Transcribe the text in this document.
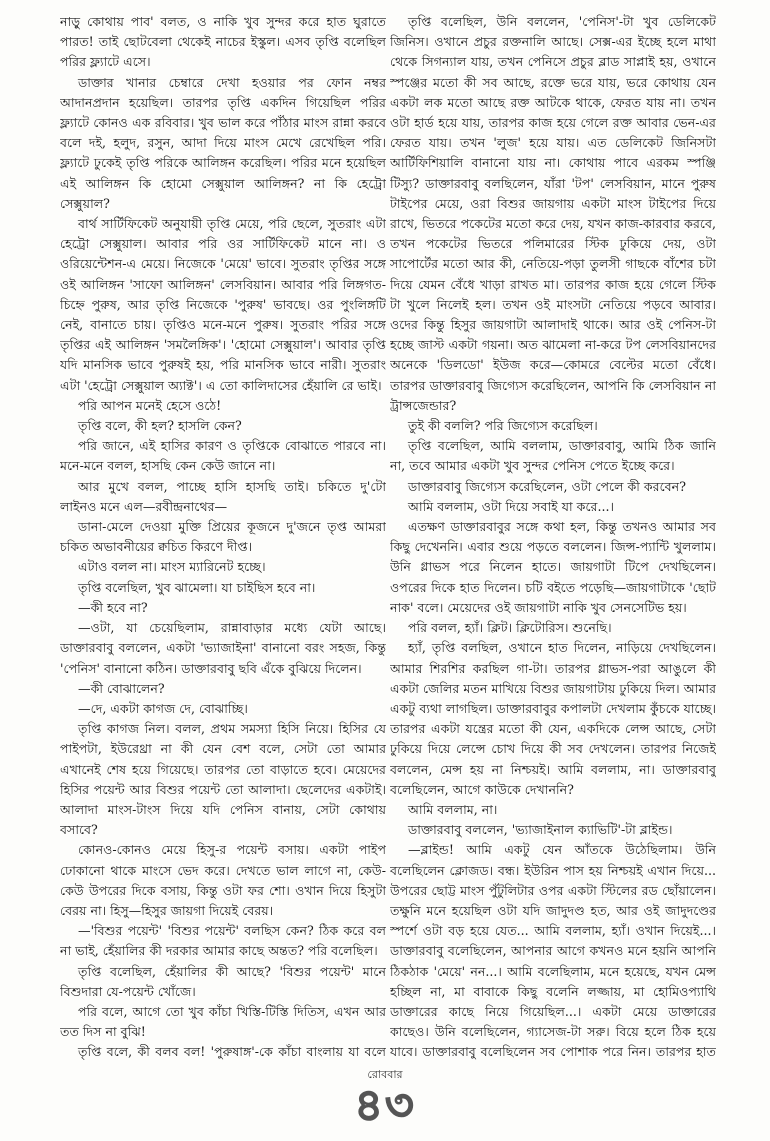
নাড়ু কোথায় পাব' বলত, ও নাকি খুব সুন্দর করে হাত ঘুরাতে পারত! তাই ছোটবেলা থেকেই নাচের ইস্কুল। এসব তৃপ্তি বলেছিল পরির ফ্ল্যাটে এসে।

ডাক্তার খানার চেম্বারে দেখা হওয়ার পর ফোন নম্বর আদানপ্রদান হয়েছিল। তারপর তৃপ্তি একদিন গিয়েছিল পরির ফ্ল্যাটে কোনও এক রবিবার। খুব ভাল করে পাঁঠার মাংস রান্না করবে বলে দই, হলুদ, রসুন, আদা দিয়ে মাংস মেখে রেখেছিল পরি। ফ্ল্যাটে ঢুকেই তৃপ্তি পরিকে আলিঙ্গন করেছিল। পরির মনে হয়েছিল এই আলিঙ্গন কি হোমো সেক্সুয়াল আলিঙ্গন? না কি হেট্রো সেক্সুয়াল?

বার্থ সার্টিফিকেট অনুযায়ী তৃপ্তি মেয়ে, পরি ছেলে, সুতরাং এটা হেট্রো সেক্সুয়াল। আবার পরি ওর সার্টিফিকেট মানে না। ও ওরিয়েন্টেশন-এ মেয়ে। নিজেকে 'মেয়ে' ভাবে। সুতরাং তৃপ্তির সঙ্গে ওই আলিঙ্গন 'সাফো আলিঙ্গন' লেসবিয়ান। আবার পরি লিঙ্গগত-চিহ্নে পুরুষ, আর তৃপ্তি নিজেকে 'পুরুষ' ভাবছে। ওর পুংলিঙ্গটি নেই, বানাতে চায়। তৃপ্তিও মনে-মনে পুরুষ। সুতরাং পরির সঙ্গে তৃপ্তির এই আলিঙ্গন 'সমলৈঙ্গিক'। 'হোমো সেক্সুয়াল'। আবার তৃপ্তি যদি মানসিক ভাবে পুরুষই হয়, পরি মানসিক ভাবে নারী। সুতরাং এটা 'হেট্রো সেক্সুয়াল অ্যাক্ট'। এ তো কালিদাসের হেঁয়ালি রে ভাই।

পরি আপন মনেই হেসে ওঠে!

তৃপ্তি বলে, কী হল? হাসলি কেন?

পরি জানে, এই হাসির কারণ ও তৃপ্তিকে বোঝাতে পারবে না। মনে-মনে বলল, হাসছি কেন কেউ জানে না।

আর মুখে বলল, পাচ্ছে হাসি হাসছি তাই। চকিতে দু'টো লাইনও মনে এল—রবীন্দ্রনাথের—

ডানা-মেলে দেওয়া মুক্তি প্রিয়ের কূজনে দু'জনে তৃপ্ত আমরা চকিত অভাবনীয়ের ক্বচিত কিরণে দীপ্ত।

এটাও বলল না। মাংস ম্যারিনেট হচ্ছে।

তৃপ্তি বলেছিল, খুব ঝামেলা। যা চাইছিস হবে না।

—কী হবে না?

—ওটা, যা চেয়েছিলাম, রান্নাবাড়ার মধ্যে যেটা আছে। ডাক্তারবাবু বললেন, একটা 'ভ্যাজাইনা' বানানো বরং সহজ, কিন্তু 'পেনিস' বানানো কঠিন। ডাক্তারবাবু ছবি এঁকে বুঝিয়ে দিলেন।

—কী বোঝালেন?

—দে, একটা কাগজ দে, বোঝাচ্ছি।

তৃপ্তি কাগজ নিল। বলল, প্রথম সমস্যা হিসি নিয়ে। হিসির যে পাইপটা, ইউরেথ্রা না কী যেন বেশ বলে, সেটা তো আমার এখানেই শেষ হয়ে গিয়েছে। তারপর তো বাড়াতে হবে। মেয়েদের হিসির পয়েন্ট আর বিশুর পয়েন্ট তো আলাদা। ছেলেদের একটাই। আলাদা মাংস-টাংস দিয়ে যদি পেনিস বানায়, সেটা কোথায় বসাবে?

কোনও-কোনও মেয়ে হিসু-র পয়েন্ট বসায়। একটা পাইপ ঢোকানো থাকে মাংসে ভেদ করে। দেখতে ভাল লাগে না, কেউ-কেউ উপরের দিকে বসায়, কিন্তু ওটা ফর শো। ওখান দিয়ে হিসুটা বেরয় না। হিসু—হিসুর জায়গা দিয়েই বেরয়।

—'বিশুর পয়েন্ট' 'বিশুর পয়েন্ট' বলছিস কেন? ঠিক করে বল না ভাই, হেঁয়ালির কী দরকার আমার কাছে অন্তত? পরি বলেছিল।

তৃপ্তি বলেছিল, হেঁয়ালির কী আছে? 'বিশুর পয়েন্ট' মানে বিশুদারা যে-পয়েন্ট খোঁজে।

পরি বলে, আগে তো খুব কাঁচা খিস্তি-টিস্তি দিতিস, এখন আর তত দিস না বুঝি!

তৃপ্তি বলে, কী বলব বল! 'পুরুষাঙ্গ'-কে কাঁচা বাংলায় যা বলে

তৃপ্তি বলেছিল, উনি বললেন, 'পেনিস'-টা খুব ডেলিকেট জিনিস। ওখানে প্রচুর রক্তনালি আছে। সেক্স-এর ইচ্ছে হলে মাথা থেকে সিগন্যাল যায়, তখন পেনিসে প্রচুর ব্লাড সাপ্লাই হয়, ওখানে স্পঞ্জের মতো কী সব আছে, রক্তে ভরে যায়, ভরে কোথায় যেন একটা লক মতো আছে রক্ত আটকে থাকে, ফেরত যায় না। তখন ওটা হার্ড হয়ে যায়, তারপর কাজ হয়ে গেলে রক্ত আবার ভেন-এর ফেরত যায়। তখন 'লুজ' হয়ে যায়। এত ডেলিকেট জিনিসটা আর্টিফিশিয়ালি বানানো যায় না। কোথায় পাবে এরকম স্পঞ্জি টিস্যু? ডাক্তারবাবু বলছিলেন, যাঁরা 'টপ' লেসবিয়ান, মানে পুরুষ টাইপের মেয়ে, ওরা বিশুর জায়গায় একটা মাংস টাইপের দিয়ে রাখে, ভিতরে পকেটের মতো করে দেয়, যখন কাজ-কারবার করবে, তখন পকেটের ভিতরে পলিমারের স্টিক ঢুকিয়ে দেয়, ওটা সাপোর্টের মতো আর কী, নেতিয়ে-পড়া তুলসী গাছকে বাঁশের চটা দিয়ে যেমন বেঁধে খাড়া রাখত মা। তারপর কাজ হয়ে গেলে স্টিক টা খুলে নিলেই হল। তখন ওই মাংসটা নেতিয়ে পড়বে আবার। ওদের কিন্তু হিসুর জায়গাটা আলাদাই থাকে। আর ওই পেনিস-টা হচ্ছে জাস্ট একটা গয়না। অত ঝামেলা না-করে টপ লেসবিয়ানদের অনেকে 'ডিলডো' ইউজ করে—কোমরে বেল্টের মতো বেঁধে। তারপর ডাক্তারবাবু জিগ্যেস করেছিলেন, আপনি কি লেসবিয়ান না ট্রান্সজেন্ডার?

তুই কী বললি? পরি জিগ্যেস করেছিল।

তৃপ্তি বলেছিল, আমি বললাম, ডাক্তারবাবু, আমি ঠিক জানি না, তবে আমার একটা খুব সুন্দর পেনিস পেতে ইচ্ছে করে।

ডাক্তারবাবু জিগ্যেস করেছিলেন, ওটা পেলে কী করবেন?

আমি বললাম, ওটা দিয়ে সবাই যা করে...।

এতক্ষণ ডাক্তারবাবুর সঙ্গে কথা হল, কিন্তু তখনও আমার সব কিছু দেখেননি। এবার শুয়ে পড়তে বললেন। জিন্স-প্যান্টি খুললাম। উনি গ্লাভস পরে নিলেন হাতে। জায়গাটা টিপে দেখছিলেন। ওপরের দিকে হাত দিলেন। চটি বইতে পড়েছি—জায়গাটাকে 'ছোট নাক' বলে। মেয়েদের ওই জায়গাটা নাকি খুব সেনসেটিভ হয়।

পরি বলল, হ্যাঁ। ক্লিট। ক্লিটোরিস। শুনেছি।

হ্যাঁ, তৃপ্তি বলছিল, ওখানে হাত দিলেন, নাড়িয়ে দেখছিলেন। আমার শিরশির করছিল গা-টা। তারপর গ্লাভস-পরা আঙুলে কী একটা জেলির মতন মাখিয়ে বিশুর জায়গাটায় ঢুকিয়ে দিল। আমার একটু ব্যথা লাগছিল। ডাক্তারবাবুর কপালটা দেখলাম কুঁচকে যাচ্ছে। তারপর একটা যন্ত্রের মতো কী যেন, একদিকে লেন্স আছে, সেটা ঢুকিয়ে দিয়ে লেন্সে চোখ দিয়ে কী সব দেখলেন। তারপর নিজেই বললেন, মেন্স হয় না নিশ্চয়ই। আমি বললাম, না। ডাক্তারবাবু বলেছিলেন, আগে কাউকে দেখাননি?

আমি বললাম, না।

ডাক্তারবাবু বললেন, 'ভ্যাজাইনাল ক্যাভিটি'-টা ব্লাইন্ড।

—ব্লাইন্ড! আমি একটু যেন আঁতকে উঠেছিলাম। উনি বলেছিলেন ক্লোজড। বন্ধ। ইউরিন পাস হয় নিশ্চয়ই এখান দিয়ে... উপরের ছোট্ট মাংস পুঁটুলিটার ওপর একটা স্টিলের রড ছোঁয়ালেন। তক্ষুনি মনে হয়েছিল ওটা যদি জাদুদণ্ড হত, আর ওই জাদুদণ্ডের স্পর্শে ওটা বড় হয়ে যেত... আমি বললাম, হ্যাঁ। ওখান দিয়েই...। ডাক্তারবাবু বলেছিলেন, আপনার আগে কখনও মনে হয়নি আপনি ঠিকঠাক 'মেয়ে' নন...। আমি বলেছিলাম, মনে হয়েছে, যখন মেন্স হচ্ছিল না, মা বাবাকে কিছু বলেনি লজ্জায়, মা হোমিওপ্যাথি ডাক্তারের কাছে নিয়ে গিয়েছিল...। একটা মেয়ে ডাক্তারের কাছেও। উনি বলেছিলেন, গ্যাসেজ-টা সরু। বিয়ে হলে ঠিক হয়ে যাবে। ডাক্তারবাবু বলেছিলেন সব পোশাক পরে নিন। তারপর হাত

রোববার
৪৩
